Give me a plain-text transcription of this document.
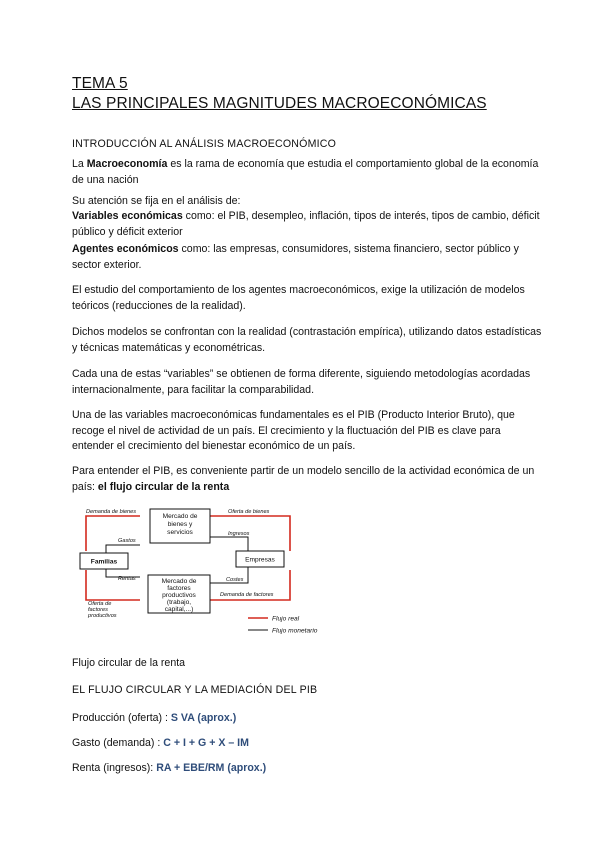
TEMA 5
LAS PRINCIPALES MAGNITUDES MACROECONÓMICAS

INTRODUCCIÓN AL ANÁLISIS MACROECONÓMICO

La Macroeconomía es la rama de economía que estudia el comportamiento global de la economía de una nación

Su atención se fija en el análisis de:

Variables económicas como: el PIB, desempleo, inflación, tipos de interés, tipos de cambio, déficit público y déficit exterior

Agentes económicos como: las empresas, consumidores, sistema financiero, sector público y sector exterior.

El estudio del comportamiento de los agentes macroeconómicos, exige la utilización de modelos teóricos (reducciones de la realidad).

Dichos modelos se confrontan con la realidad (contrastación empírica), utilizando datos estadísticas y técnicas matemáticas y econométricas.

Cada una de estas “variables” se obtienen de forma diferente, siguiendo metodologías acordadas internacionalmente, para facilitar la comparabilidad.

Una de las variables macroeconómicas fundamentales es el PIB (Producto Interior Bruto), que recoge el nivel de actividad de un país. El crecimiento y la fluctuación del PIB es clave para entender el crecimiento del bienestar económico de un país.

Para entender el PIB, es conveniente partir de un modelo sencillo de la actividad económica de un país: el flujo circular de la renta

Demanda de bienes	Oferta de bienes
Gastos
Ingresos
Rentas	Costes
Demanda de factores
Oferta de
factores
productivos
Mercado de
bienes y
servicios
Familias	Empresas
Mercado de
factores
productivos
(trabajo,
capital,...)
Flujo real
Flujo monetario

Flujo circular de la renta

EL FLUJO CIRCULAR Y LA MEDIACIÓN DEL PIB

Producción (oferta) : S VA (aprox.)

Gasto (demanda) : C + I + G + X – IM

Renta (ingresos): RA + EBE/RM (aprox.)
